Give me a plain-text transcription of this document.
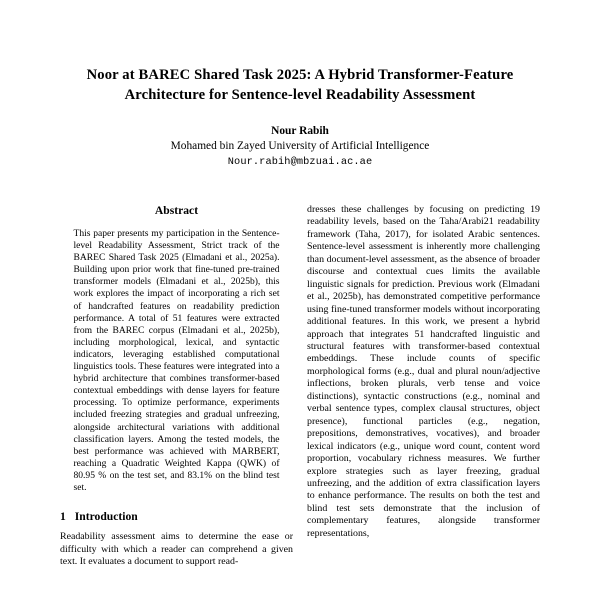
Noor at BAREC Shared Task 2025: A Hybrid Transformer-Feature
Architecture for Sentence-level Readability Assessment
Nour Rabih
Mohamed bin Zayed University of Artificial Intelligence
Nour.rabih@mbzuai.ac.ae
Abstract

This paper presents my participation in the Sentence-level Readability Assessment, Strict track of the BAREC Shared Task 2025 (Elmadani et al., 2025a). Building upon prior work that fine-tuned pre-trained transformer models (Elmadani et al., 2025b), this work explores the impact of incorporating a rich set of handcrafted features on readability prediction performance. A total of 51 features were extracted from the BAREC corpus (Elmadani et al., 2025b), including morphological, lexical, and syntactic indicators, leveraging established computational linguistics tools. These features were integrated into a hybrid architecture that combines transformer-based contextual embeddings with dense layers for feature processing. To optimize performance, experiments included freezing strategies and gradual unfreezing, alongside architectural variations with additional classification layers. Among the tested models, the best performance was achieved with MARBERT, reaching a Quadratic Weighted Kappa (QWK) of 80.95 % on the test set, and 83.1% on the blind test set.

1 Introduction

Readability assessment aims to determine the ease or difficulty with which a reader can comprehend a given text. It evaluates a document to support read-

dresses these challenges by focusing on predicting 19 readability levels, based on the Taha/Arabi21 readability framework (Taha, 2017), for isolated Arabic sentences. Sentence-level assessment is inherently more challenging than document-level assessment, as the absence of broader discourse and contextual cues limits the available linguistic signals for prediction. Previous work (Elmadani et al., 2025b), has demonstrated competitive performance using fine-tuned transformer models without incorporating additional features. In this work, we present a hybrid approach that integrates 51 handcrafted linguistic and structural features with transformer-based contextual embeddings. These include counts of specific morphological forms (e.g., dual and plural noun/adjective inflections, broken plurals, verb tense and voice distinctions), syntactic constructions (e.g., nominal and verbal sentence types, complex clausal structures, object presence), functional particles (e.g., negation, prepositions, demonstratives, vocatives), and broader lexical indicators (e.g., unique word count, content word proportion, vocabulary richness measures. We further explore strategies such as layer freezing, gradual unfreezing, and the addition of extra classification layers to enhance performance. The results on both the test and blind test sets demonstrate that the inclusion of complementary features, alongside transformer representations,
